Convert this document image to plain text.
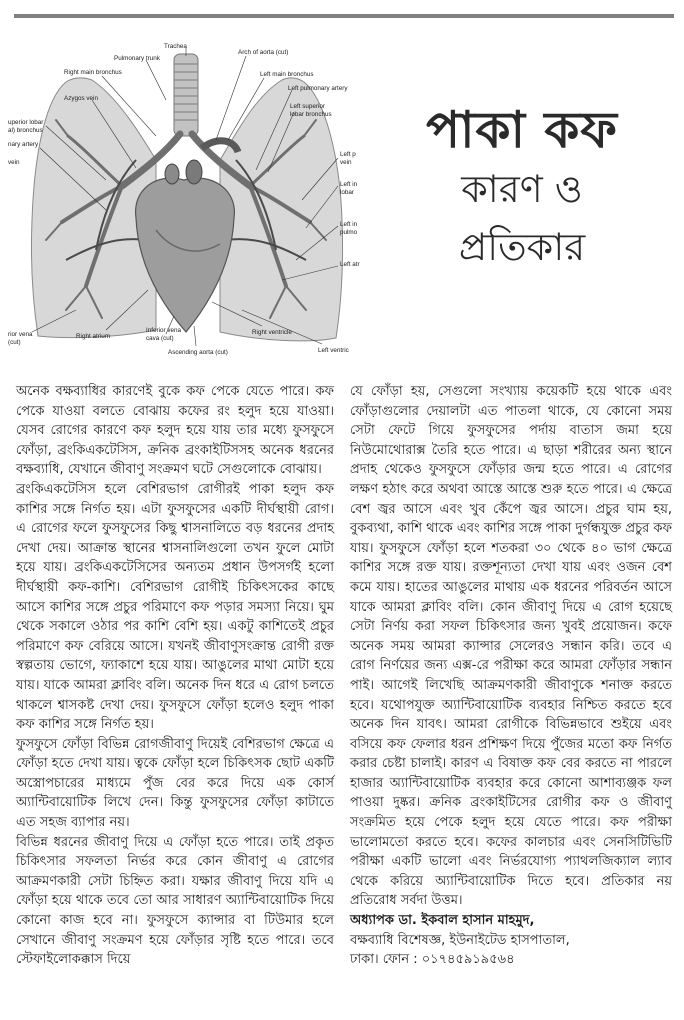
Trachea
Pulmonary trunk
Arch of aorta (cut)
Right main bronchus	Left main bronchus
Left pulmonary artery
Azygos vein
Left superior
lobar bronchus
uperior lobar
al) bronchus
nary artery
vein
Left p
vein
Left in
lobar
Left in
pulmo
Left atr
Right atrium
Inferior vena
cava (cut)
Right ventricle
Ascending aorta (cut)	Left ventric
rior vena
(cut)

পাকা কফ

কারণ ও

প্রতিকার

অনেক বক্ষব্যাধির কারণেই বুকে কফ পেকে যেতে পারে। কফ পেকে যাওয়া বলতে বোঝায় কফের রং হলুদ হয়ে যাওয়া। যেসব রোগের কারণে কফ হলুদ হয়ে যায় তার মধ্যে ফুসফুসে ফোঁড়া, ব্রংকিএকটেসিস, ক্রনিক ব্রংকাইটিসসহ অনেক ধরনের বক্ষব্যাধি, যেখানে জীবাণু সংক্রমণ ঘটে সেগুলোকে বোঝায়।

ব্রংকিএকটেসিস হলে বেশিরভাগ রোগীরই পাকা হলুদ কফ কাশির সঙ্গে নির্গত হয়। এটা ফুসফুসের একটি দীর্ঘস্থায়ী রোগ। এ রোগের ফলে ফুসফুসের কিছু শ্বাসনালিতে বড় ধরনের প্রদাহ দেখা দেয়। আক্রান্ত স্থানের শ্বাসনালিগুলো তখন ফুলে মোটা হয়ে যায়। ব্রংকিএকটেসিসের অন্যতম প্রধান উপসর্গই হলো দীর্ঘস্থায়ী কফ-কাশি। বেশিরভাগ রোগীই চিকিৎসকের কাছে আসে কাশির সঙ্গে প্রচুর পরিমাণে কফ পড়ার সমস্যা নিয়ে। ঘুম থেকে সকালে ওঠার পর কাশি বেশি হয়। একটু কাশিতেই প্রচুর পরিমাণে কফ বেরিয়ে আসে। যখনই জীবাণুসংক্রান্ত রোগী রক্ত স্বল্পতায় ভোগে, ফ্যাকাশে হয়ে যায়। আঙুলের মাথা মোটা হয়ে যায়। যাকে আমরা ক্লাবিং বলি। অনেক দিন ধরে এ রোগ চলতে থাকলে শ্বাসকষ্ট দেখা দেয়। ফুসফুসে ফোঁড়া হলেও হলুদ পাকা কফ কাশির সঙ্গে নির্গত হয়।

ফুসফুসে ফোঁড়া বিভিন্ন রোগজীবাণু দিয়েই বেশিরভাগ ক্ষেত্রে এ ফোঁড়া হতে দেখা যায়। ত্বকে ফোঁড়া হলে চিকিৎসক ছোট একটি অস্ত্রোপচারের মাধ্যমে পুঁজ বের করে দিয়ে এক কোর্স অ্যান্টিবায়োটিক লিখে দেন। কিন্তু ফুসফুসের ফোঁড়া কাটাতে এত সহজ ব্যাপার নয়।

বিভিন্ন ধরনের জীবাণু দিয়ে এ ফোঁড়া হতে পারে। তাই প্রকৃত চিকিৎসার সফলতা নির্ভর করে কোন জীবাণু এ রোগের আক্রমণকারী সেটা চিহ্নিত করা। যক্ষার জীবাণু দিয়ে যদি এ ফোঁড়া হয়ে থাকে তবে তো আর সাধারণ অ্যান্টিবায়োটিক দিয়ে কোনো কাজ হবে না। ফুসফুসে ক্যান্সার বা টিউমার হলে সেখানে জীবাণু সংক্রমণ হয়ে ফোঁড়ার সৃষ্টি হতে পারে। তবে স্টেফাইলোকক্কাস দিয়ে

যে ফোঁড়া হয়, সেগুলো সংখ্যায় কয়েকটি হয়ে থাকে এবং ফোঁড়াগুলোর দেয়ালটা এত পাতলা থাকে, যে কোনো সময় সেটা ফেটে গিয়ে ফুসফুসের পর্দায় বাতাস জমা হয়ে নিউমোথোরাক্স তৈরি হতে পারে। এ ছাড়া শরীরের অন্য স্থানে প্রদাহ থেকেও ফুসফুসে ফোঁড়ার জন্ম হতে পারে। এ রোগের লক্ষণ হঠাৎ করে অথবা আস্তে আস্তে শুরু হতে পারে। এ ক্ষেত্রে বেশ জ্বর আসে এবং খুব কেঁপে জ্বর আসে। প্রচুর ঘাম হয়, বুকব্যথা, কাশি থাকে এবং কাশির সঙ্গে পাকা দুর্গন্ধযুক্ত প্রচুর কফ যায়। ফুসফুসে ফোঁড়া হলে শতকরা ৩০ থেকে ৪০ ভাগ ক্ষেত্রে কাশির সঙ্গে রক্ত যায়। রক্তশূন্যতা দেখা যায় এবং ওজন বেশ কমে যায়। হাতের আঙুলের মাথায় এক ধরনের পরিবর্তন আসে যাকে আমরা ক্লাবিং বলি। কোন জীবাণু দিয়ে এ রোগ হয়েছে সেটা নির্ণয় করা সফল চিকিৎসার জন্য খুবই প্রয়োজন। কফে অনেক সময় আমরা ক্যান্সার সেলেরও সন্ধান করি। তবে এ রোগ নির্ণয়ের জন্য এক্স-রে পরীক্ষা করে আমরা ফোঁড়ার সন্ধান পাই। আগেই লিখেছি আক্রমণকারী জীবাণুকে শনাক্ত করতে হবে। যথোপযুক্ত অ্যান্টিবায়োটিক ব্যবহার নিশ্চিত করতে হবে অনেক দিন যাবৎ। আমরা রোগীকে বিভিন্নভাবে শুইয়ে এবং বসিয়ে কফ ফেলার ধরন প্রশিক্ষণ দিয়ে পুঁজের মতো কফ নির্গত করার চেষ্টা চালাই। কারণ এ বিষাক্ত কফ বের করতে না পারলে হাজার অ্যান্টিবায়োটিক ব্যবহার করে কোনো আশাব্যঞ্জক ফল পাওয়া দুষ্কর। ক্রনিক ব্রংকাইটিসের রোগীর কফ ও জীবাণু সংক্রমিত হয়ে পেকে হলুদ হয়ে যেতে পারে। কফ পরীক্ষা ভালোমতো করতে হবে। কফের কালচার এবং সেনসিটিভিটি পরীক্ষা একটি ভালো এবং নির্ভরযোগ্য প্যাথলজিক্যাল ল্যাব থেকে করিয়ে অ্যান্টিবায়োটিক দিতে হবে। প্রতিকার নয় প্রতিরোধ সর্বদা উত্তম।

অধ্যাপক ডা. ইকবাল হাসান মাহমুদ,

বক্ষব্যাধি বিশেষজ্ঞ, ইউনাইটেড হাসপাতাল,

ঢাকা। ফোন : ০১৭৪৫৯১৯৫৬৪
